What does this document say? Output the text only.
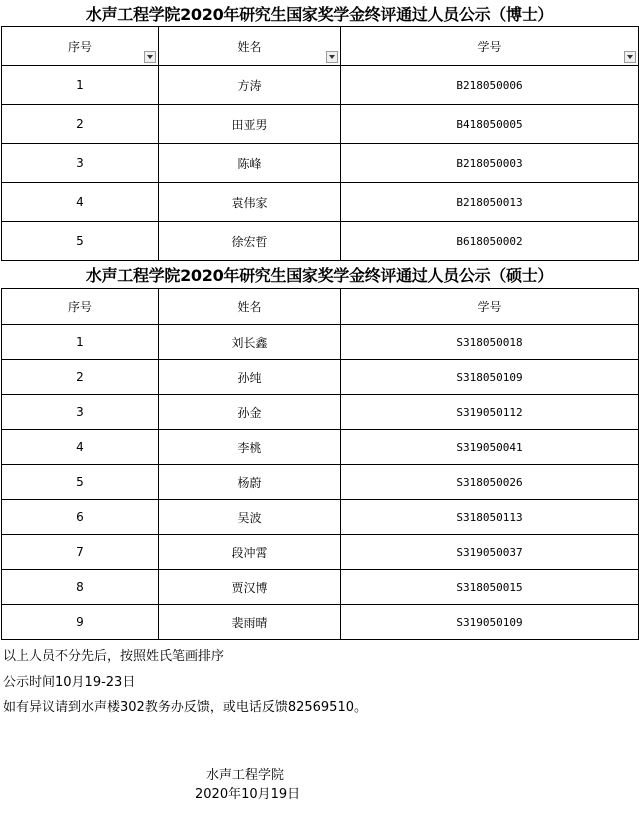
水声工程学院2020年研究生国家奖学金终评通过人员公示（博士）
序号	姓名	学号

1	方涛	B218050006
2	田亚男	B418050005
3	陈峰	B218050003
4	袁伟家	B218050013
5	徐宏哲	B618050002
水声工程学院2020年研究生国家奖学金终评通过人员公示（硕士）
序号	姓名	学号
1	刘长鑫	S318050018
2	孙纯	S318050109
3	孙金	S319050112
4	李桃	S319050041
5	杨蔚	S318050026
6	吴波	S318050113
7	段冲霄	S319050037
8	贾汉博	S318050015
9	裴雨晴	S319050109
以上人员不分先后，按照姓氏笔画排序
公示时间10月19-23日
如有异议请到水声楼302教务办反馈，或电话反馈82569510。
水声工程学院
2020年10月19日
